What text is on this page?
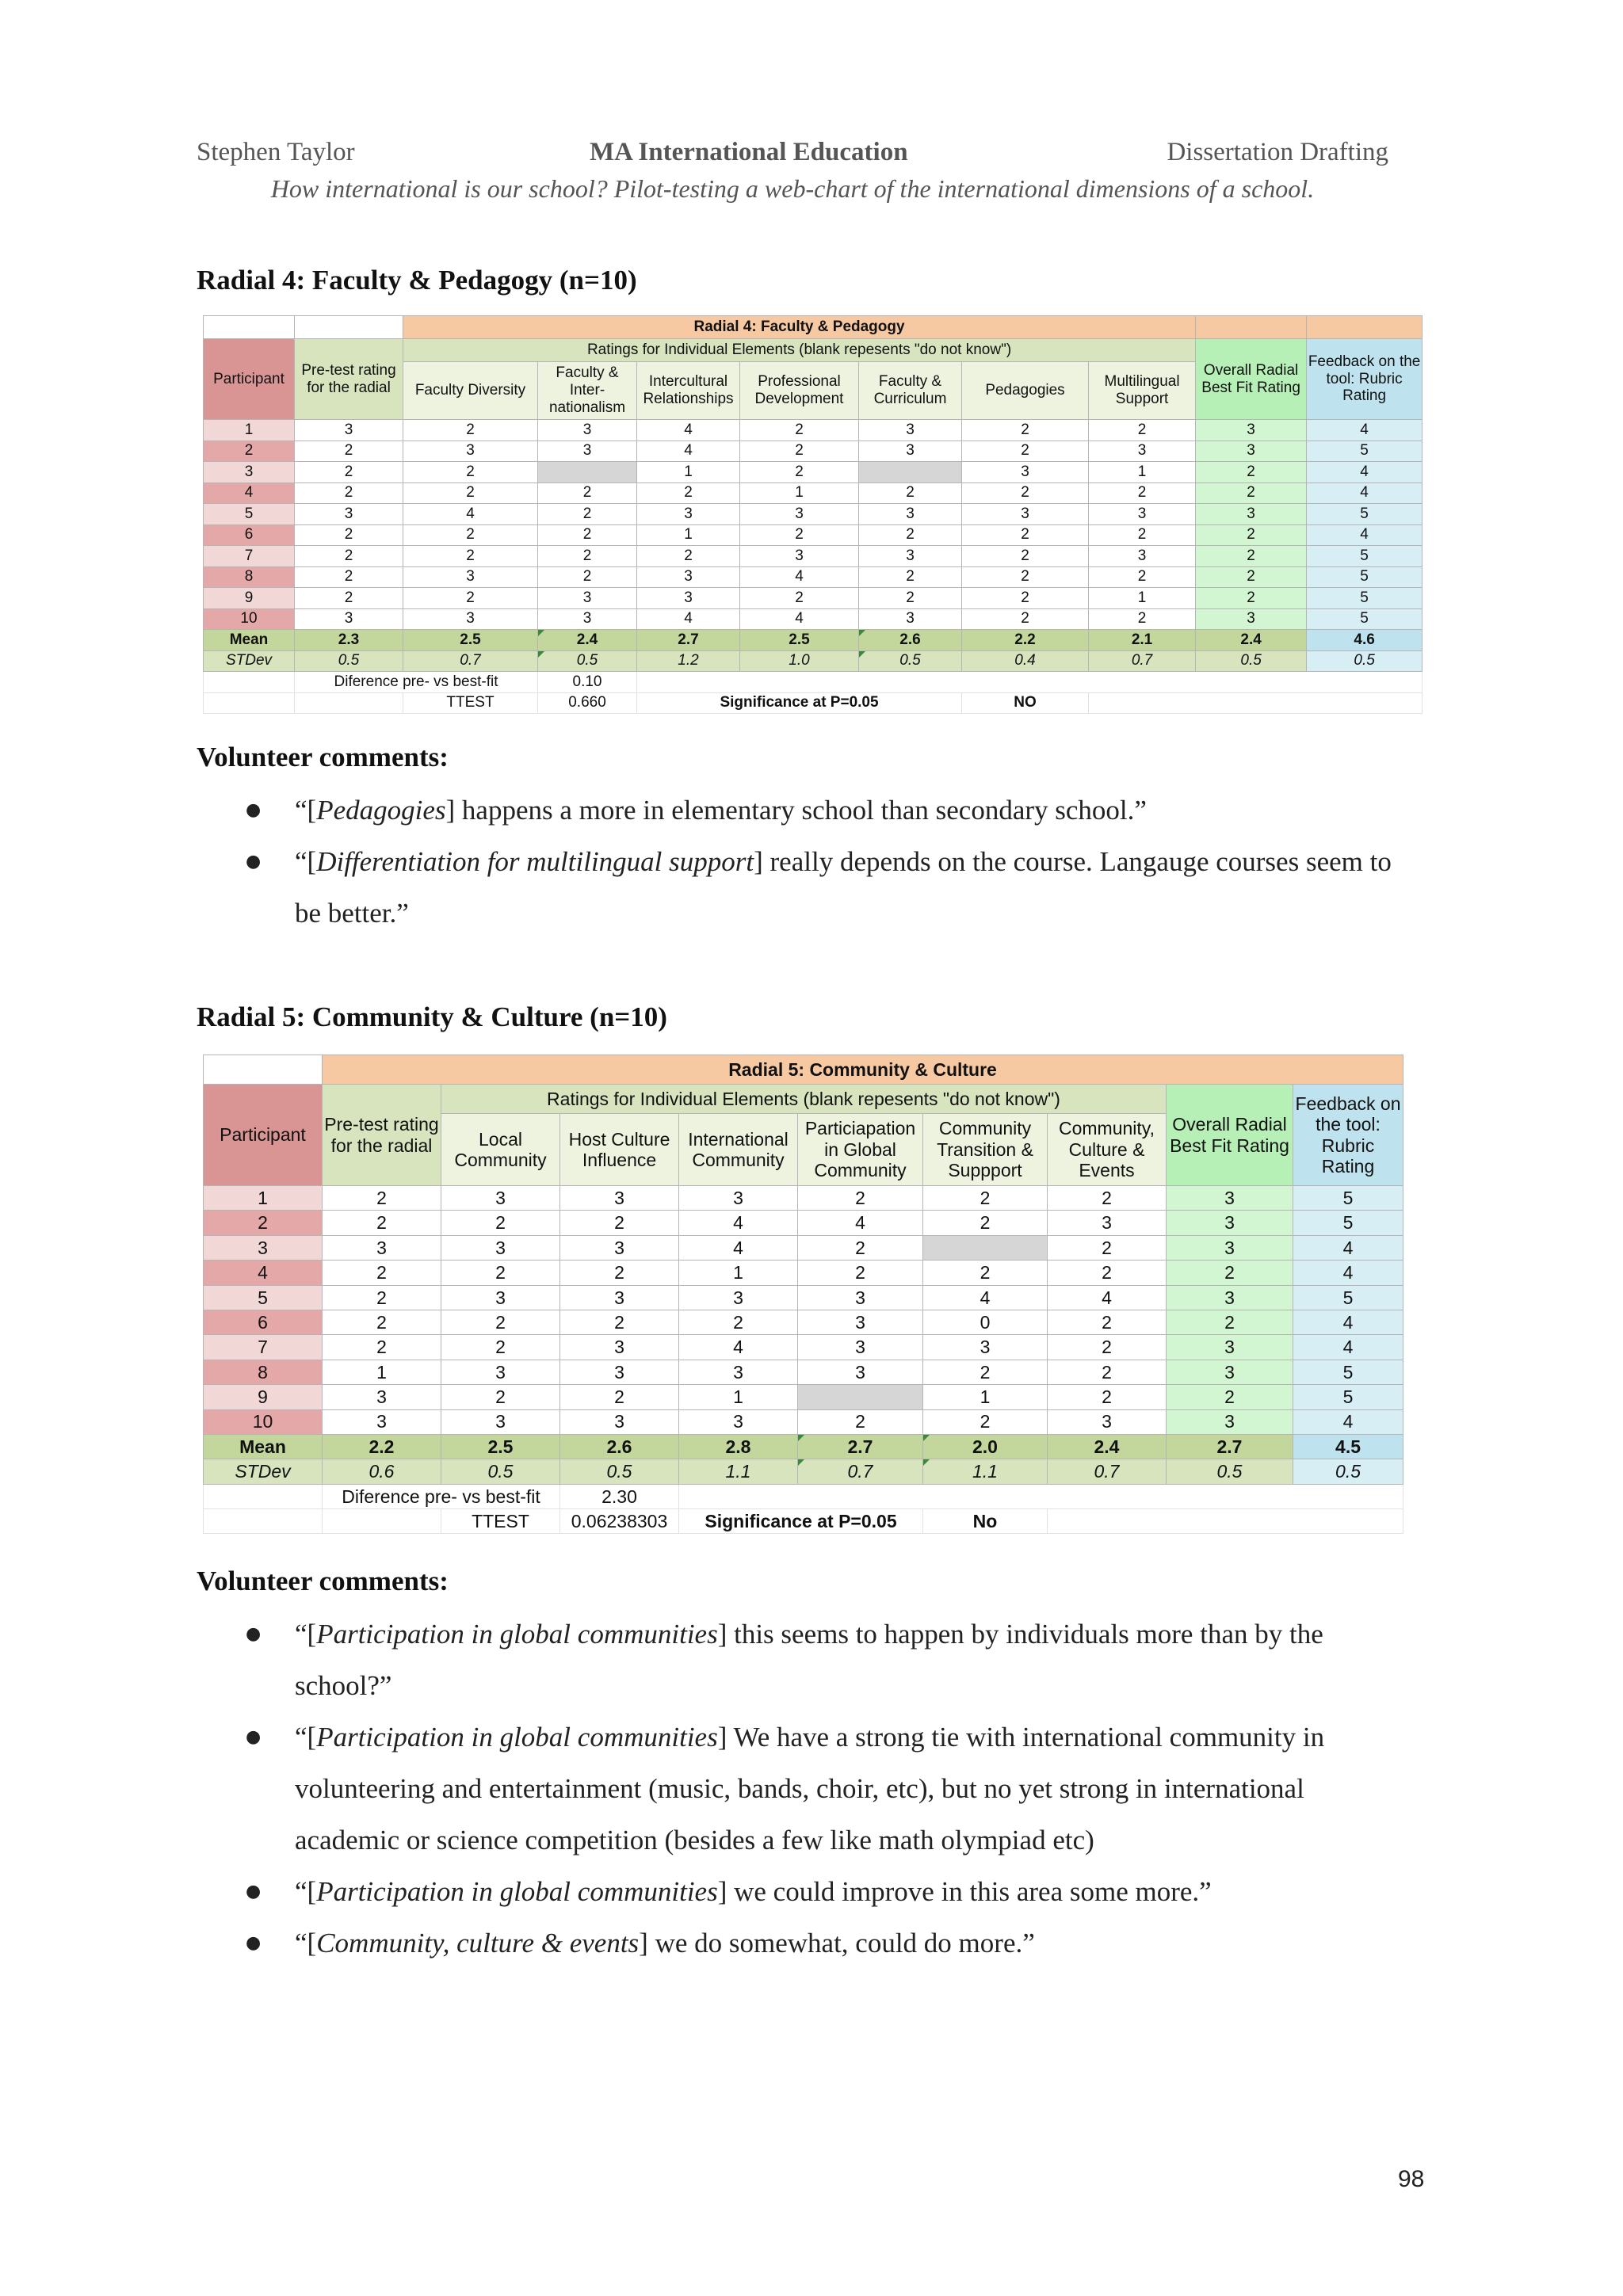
Stephen Taylor	MA International Education	Dissertation Drafting
How international is our school? Pilot-testing a web-chart of the international dimensions of a school.
Radial 4: Faculty & Pedagogy (n=10)
		Radial 4: Faculty & Pedagogy								
Participant	Pre-test rating for the radial	Ratings for Individual Elements (blank repesents "do not know")							Overall Radial Best Fit Rating	Feedback on the tool: Rubric Rating
		Faculty Diversity	Faculty & Inter-nationalism	Intercultural Relationships	Professional Development	Faculty & Curriculum	Pedagogies	Multilingual Support		
1	3	2	3	4	2	3	2	2	3	4
2	2	3	3	4	2	3	2	3	3	5
3	2	2		1	2		3	1	2	4
4	2	2	2	2	1	2	2	2	2	4
5	3	4	2	3	3	3	3	3	3	5
6	2	2	2	1	2	2	2	2	2	4
7	2	2	2	2	3	3	2	3	2	5
8	2	3	2	3	4	2	2	2	2	5
9	2	2	3	3	2	2	2	1	2	5
10	3	3	3	4	4	3	2	2	3	5
Mean	2.3	2.5	2.4	2.7	2.5	2.6	2.2	2.1	2.4	4.6
STDev	0.5	0.7	0.5	1.2	1.0	0.5	0.4	0.7	0.5	0.5
	Diference pre- vs best-fit		0.10							
		TTEST	0.660	Significance at P=0.05			NO			
Volunteer comments:
● “[Pedagogies] happens a more in elementary school than secondary school.”
● “[Differentiation for multilingual support] really depends on the course. Langauge courses seem to be better.”
Radial 5: Community & Culture (n=10)
	Radial 5: Community & Culture								
Participant	Pre-test rating for the radial	Ratings for Individual Elements (blank repesents "do not know")						Overall Radial Best Fit Rating	Feedback on the tool: Rubric Rating
		Local Community	Host Culture Influence	International Community	Particiapation in Global Community	Community Transition & Suppport	Community, Culture & Events		
1	2	3	3	3	2	2	2	3	5
2	2	2	2	4	4	2	3	3	5
3	3	3	3	4	2		2	3	4
4	2	2	2	1	2	2	2	2	4
5	2	3	3	3	3	4	4	3	5
6	2	2	2	2	3	0	2	2	4
7	2	2	3	4	3	3	2	3	4
8	1	3	3	3	3	2	2	3	5
9	3	2	2	1		1	2	2	5
10	3	3	3	3	2	2	3	3	4
Mean	2.2	2.5	2.6	2.8	2.7	2.0	2.4	2.7	4.5
STDev	0.6	0.5	0.5	1.1	0.7	1.1	0.7	0.5	0.5
	Diference pre- vs best-fit		2.30						
		TTEST	0.06238303	Significance at P=0.05		No			
Volunteer comments:
● “[Participation in global communities] this seems to happen by individuals more than by the school?”
● “[Participation in global communities] We have a strong tie with international community in volunteering and entertainment (music, bands, choir, etc), but no yet strong in international academic or science competition (besides a few like math olympiad etc)
● “[Participation in global communities] we could improve in this area some more.”
● “[Community, culture & events] we do somewhat, could do more.”
98
